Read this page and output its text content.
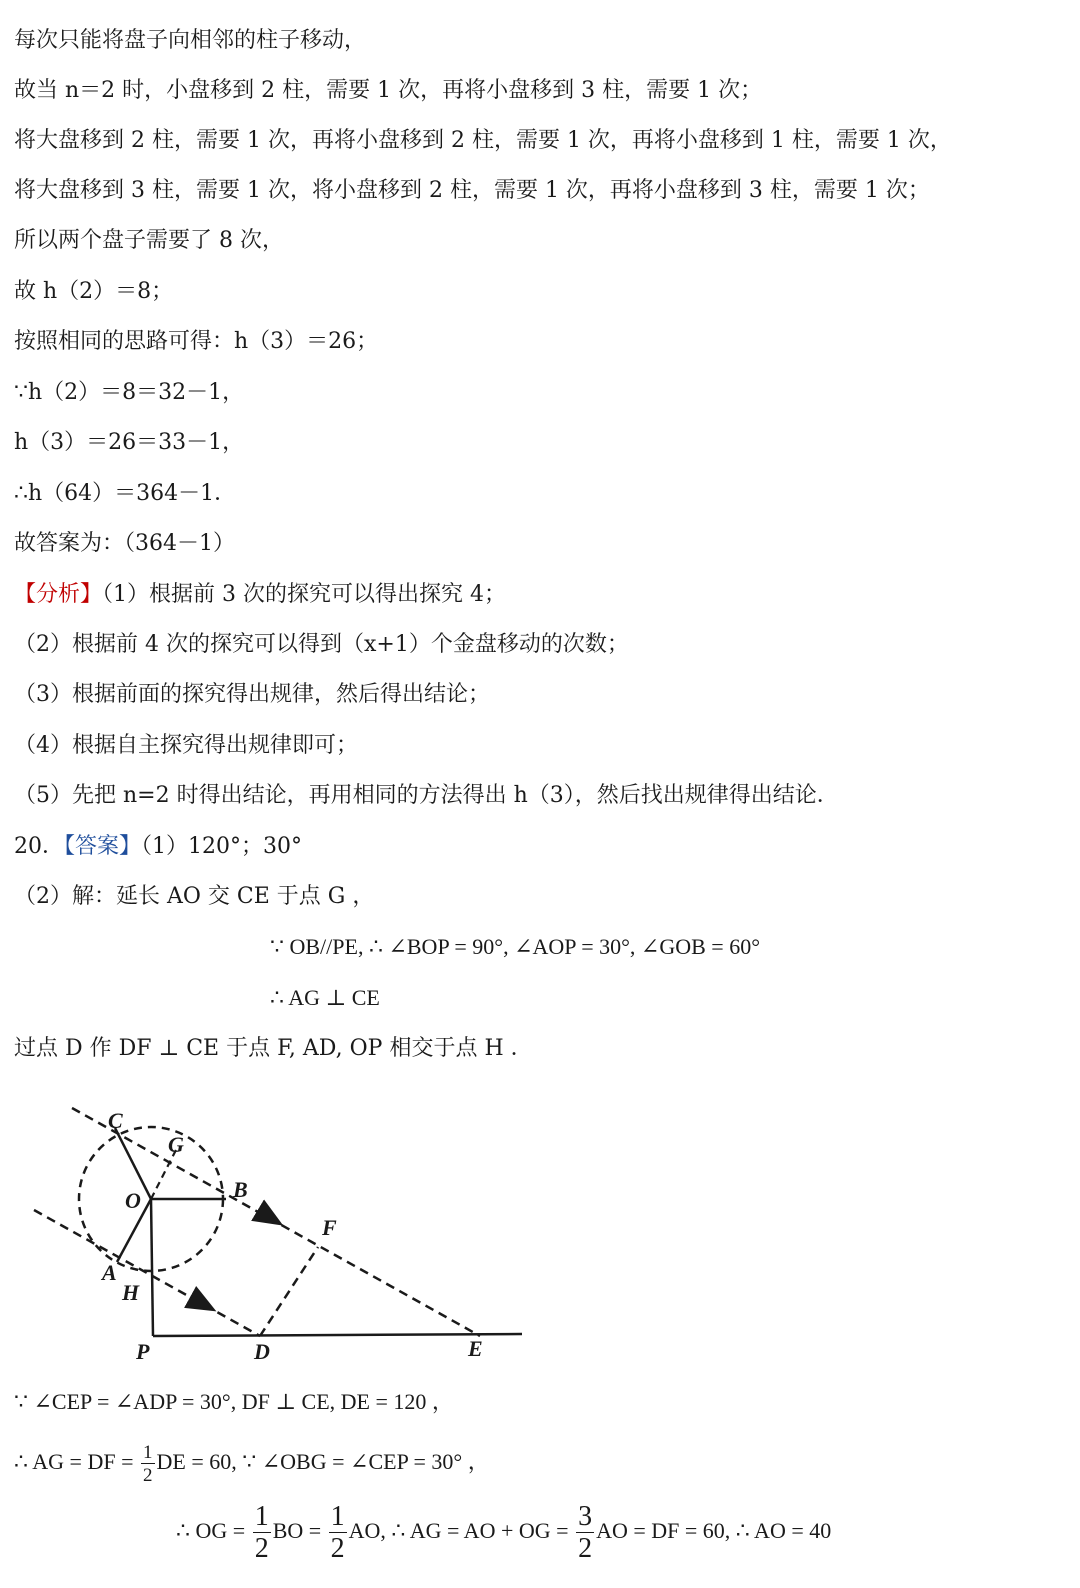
每次只能将盘子向相邻的柱子移动，
故当 n＝2 时，小盘移到 2 柱，需要 1 次，再将小盘移到 3 柱，需要 1 次；
将大盘移到 2 柱，需要 1 次，再将小盘移到 2 柱，需要 1 次，再将小盘移到 1 柱，需要 1 次，
将大盘移到 3 柱，需要 1 次，将小盘移到 2 柱，需要 1 次，再将小盘移到 3 柱，需要 1 次；
所以两个盘子需要了 8 次，
故 h（2）＝8；
按照相同的思路可得：h（3）＝26；
∵h（2）＝8＝32－1，
h（3）＝26＝33－1，
∴h（64）＝364－1．
故答案为：（364－1）
【分析】（1）根据前 3 次的探究可以得出探究 4；
（2）根据前 4 次的探究可以得到（x+1）个金盘移动的次数；
（3）根据前面的探究得出规律，然后得出结论；
（4）根据自主探究得出规律即可；
（5）先把 n=2 时得出结论，再用相同的方法得出 h（3），然后找出规律得出结论．
20．【答案】（1）120°；30°
（2）解：延长 AO 交 CE 于点 G ，
∵ OB//PE, ∴ ∠BOP = 90°, ∠AOP = 30°, ∠GOB = 60°
∴ AG ⊥ CE
过点 D 作 DF ⊥ CE 于点 F, AD, OP 相交于点 H ．
C
G
O	B
F
A
H
P	D	E
∵ ∠CEP = ∠ADP = 30°, DF ⊥ CE, DE = 120 ，
∴ AG = DF = $\frac{1}{2}$ DE = 60, ∵ ∠OBG = ∠CEP = 30° ，
∴ OG = $\frac{1}{2}$ BO = $\frac{1}{2}$ AO, ∴ AG = AO + OG = $\frac{3}{2}$ AO = DF = 60, ∴ AO = 40
